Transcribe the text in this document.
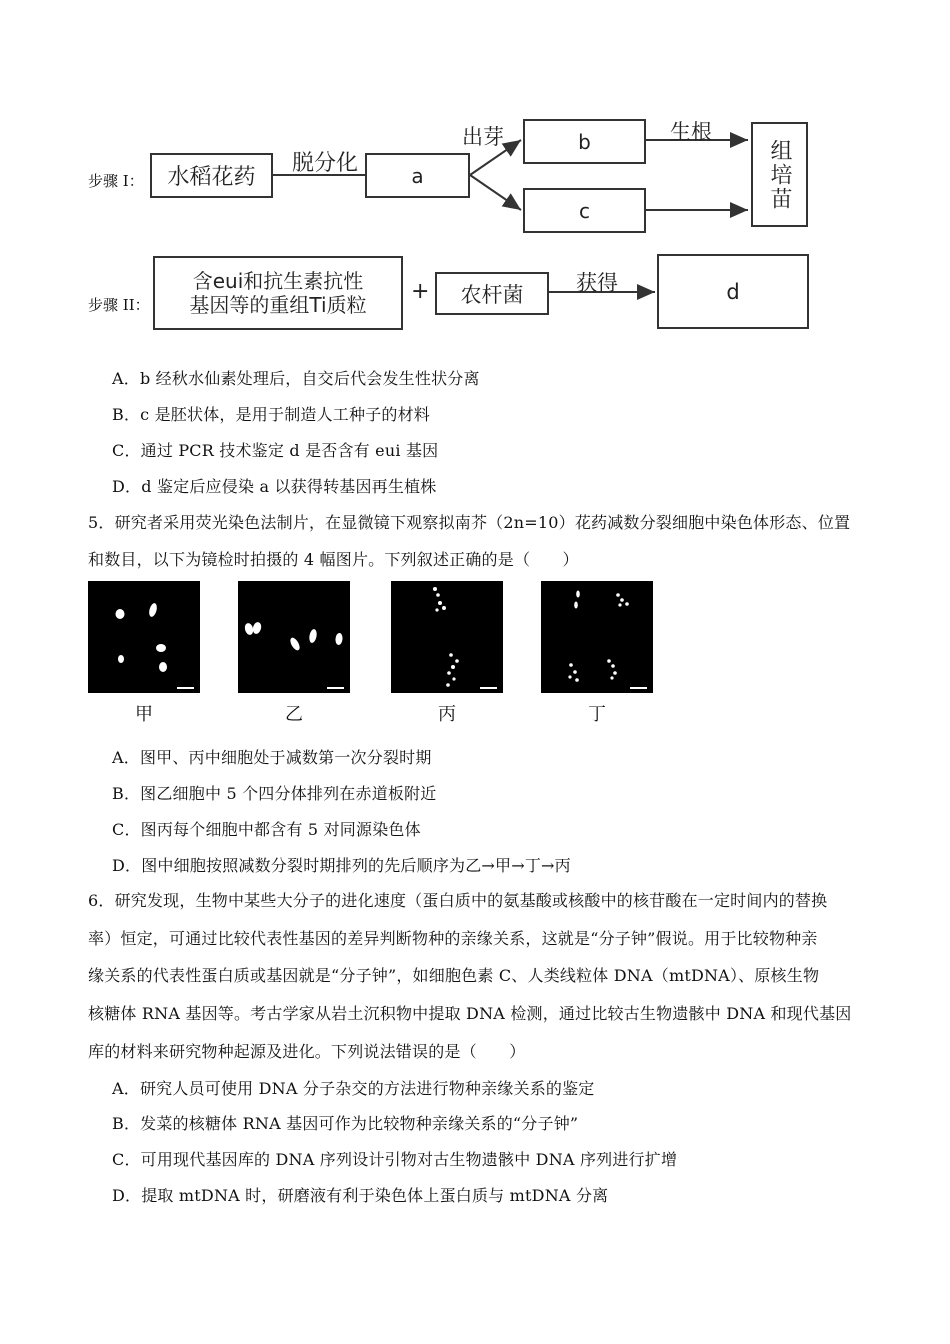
步骤 I：
步骤 II：
水稻花药
脱分化	a
出芽	b
c
生根
组培苗
含eui和抗生素抗性
基因等的重组Ti质粒
+	农杆菌	获得	d
A．b 经秋水仙素处理后，自交后代会发生性状分离
B．c 是胚状体，是用于制造人工种子的材料
C．通过 PCR 技术鉴定 d 是否含有 eui 基因
D．d 鉴定后应侵染 a 以获得转基因再生植株
5．研究者采用荧光染色法制片，在显微镜下观察拟南芥（2n=10）花药减数分裂细胞中染色体形态、位置
和数目，以下为镜检时拍摄的 4 幅图片。下列叙述正确的是（　　）
甲	乙	丙	丁
A．图甲、丙中细胞处于减数第一次分裂时期
B．图乙细胞中 5 个四分体排列在赤道板附近
C．图丙每个细胞中都含有 5 对同源染色体
D．图中细胞按照减数分裂时期排列的先后顺序为乙→甲→丁→丙
6．研究发现，生物中某些大分子的进化速度（蛋白质中的氨基酸或核酸中的核苷酸在一定时间内的替换
率）恒定，可通过比较代表性基因的差异判断物种的亲缘关系，这就是“分子钟”假说。用于比较物种亲
缘关系的代表性蛋白质或基因就是“分子钟”，如细胞色素 C、人类线粒体 DNA（mtDNA）、原核生物
核糖体 RNA 基因等。考古学家从岩土沉积物中提取 DNA 检测，通过比较古生物遗骸中 DNA 和现代基因
库的材料来研究物种起源及进化。下列说法错误的是（　　）
A．研究人员可使用 DNA 分子杂交的方法进行物种亲缘关系的鉴定
B．发菜的核糖体 RNA 基因可作为比较物种亲缘关系的“分子钟”
C．可用现代基因库的 DNA 序列设计引物对古生物遗骸中 DNA 序列进行扩增
D．提取 mtDNA 时，研磨液有利于染色体上蛋白质与 mtDNA 分离
